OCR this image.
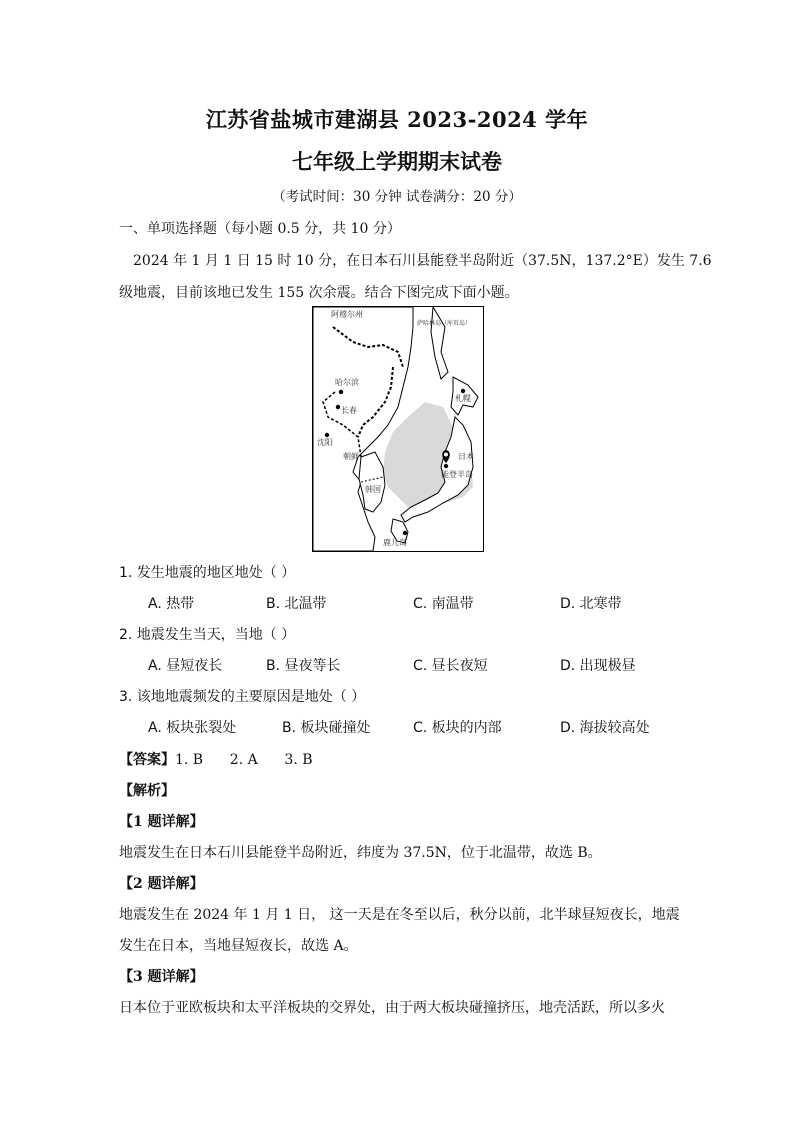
江苏省盐城市建湖县 2023-2024 学年
七年级上学期期末试卷
（考试时间：30 分钟 试卷满分：20 分）
一、单项选择题（每小题 0.5 分，共 10 分）
2024 年 1 月 1 日 15 时 10 分，在日本石川县能登半岛附近（37.5N，137.2°E）发生 7.6
级地震，目前该地已发生 155 次余震。结合下图完成下面小题。
阿穆尔州
萨哈林岛（库页岛）
哈尔滨
长春
沈阳
札幌
朝鲜	日本
能登半岛
韩国
鹿儿岛
1. 发生地震的地区地处（ ）
A. 热带	B. 北温带	C. 南温带	D. 北寒带
2. 地震发生当天，当地（ ）
A. 昼短夜长	B. 昼夜等长	C. 昼长夜短	D. 出现极昼
3. 该地地震频发的主要原因是地处（ ）
A. 板块张裂处	B. 板块碰撞处	C. 板块的内部	D. 海拔较高处
【答案】1. B      2. A      3. B
【解析】
【1 题详解】
地震发生在日本石川县能登半岛附近，纬度为 37.5N，位于北温带，故选 B。
【2 题详解】
地震发生在 2024 年 1 月 1 日， 这一天是在冬至以后，秋分以前，北半球昼短夜长，地震
发生在日本，当地昼短夜长，故选 A。
【3 题详解】
日本位于亚欧板块和太平洋板块的交界处，由于两大板块碰撞挤压，地壳活跃，所以多火
